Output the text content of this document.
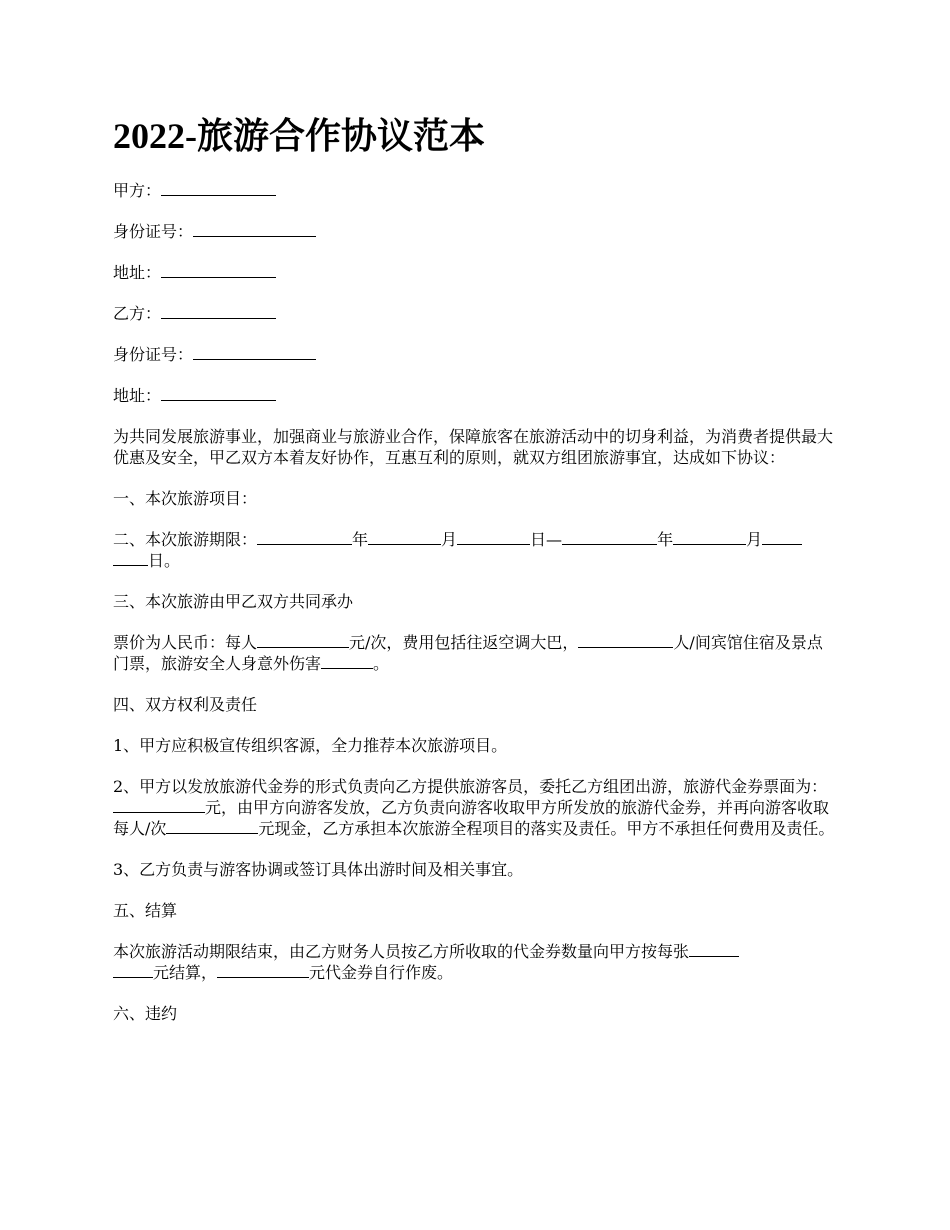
2022-旅游合作协议范本
甲方：
身份证号：
地址：
乙方：
身份证号：
地址：

为共同发展旅游事业，加强商业与旅游业合作，保障旅客在旅游活动中的切身利益，为消费者提供最大优惠及安全，甲乙双方本着友好协作，互惠互利的原则，就双方组团旅游事宜，达成如下协议：

一、本次旅游项目：

二、本次旅游期限：	年	月	日—	年	月
日。

三、本次旅游由甲乙双方共同承办

票价为人民币：每人	元/次，费用包括往返空调大巴，	人/间宾馆住宿及景点门票，旅游安全人身意外伤害	。

四、双方权利及责任

1、甲方应积极宣传组织客源，全力推荐本次旅游项目。

2、甲方以发放旅游代金券的形式负责向乙方提供旅游客员，委托乙方组团出游，旅游代金券票面为：元，由甲方向游客发放，乙方负责向游客收取甲方所发放的旅游代金券，并再向游客收取每人/次	元现金，乙方承担本次旅游全程项目的落实及责任。甲方不承担任何费用及责任。

3、乙方负责与游客协调或签订具体出游时间及相关事宜。

五、结算

本次旅游活动期限结束，由乙方财务人员按乙方所收取的代金券数量向甲方按每张
元结算，	元代金券自行作废。

六、违约
